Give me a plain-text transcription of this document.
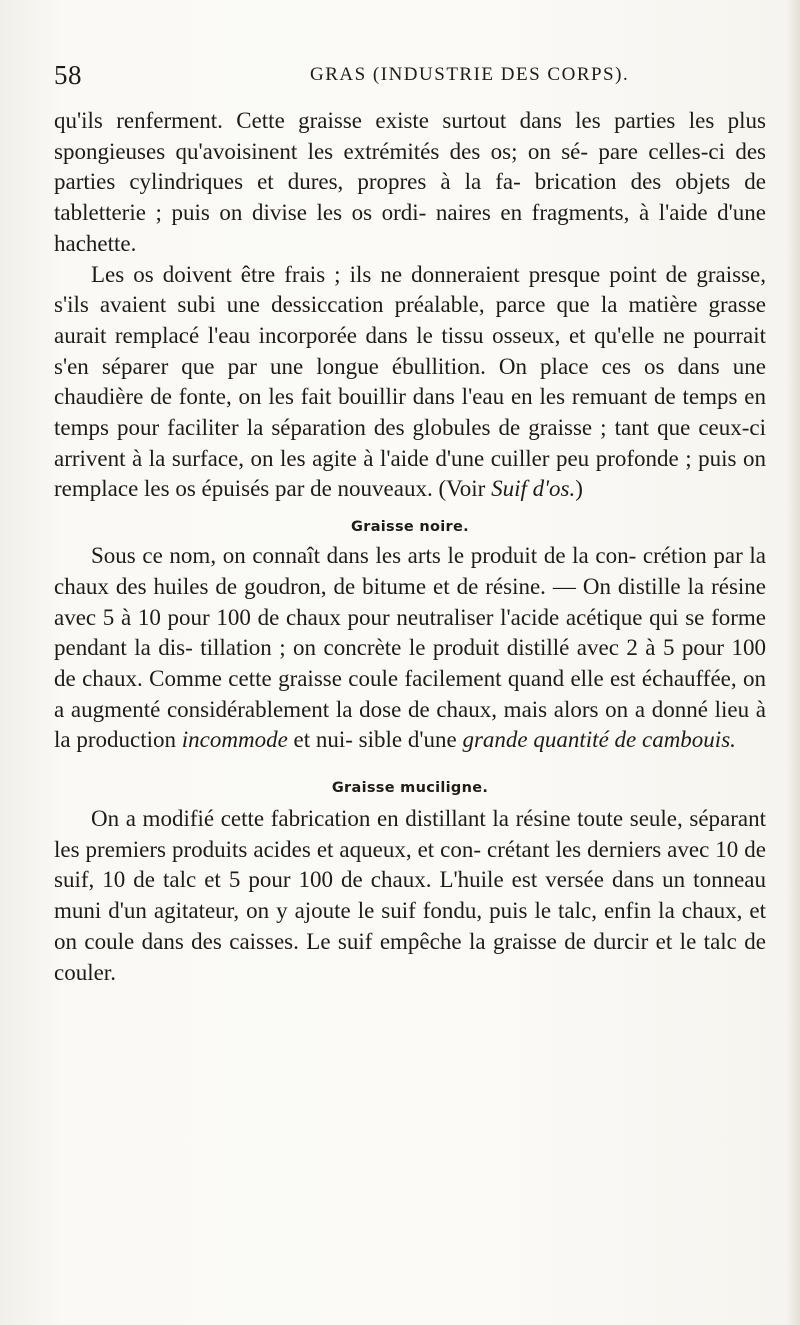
58	GRAS (INDUSTRIE DES CORPS).

qu'ils renferment. Cette graisse existe surtout dans les parties les plus spongieuses qu'avoisinent les extrémités des os; on sé- pare celles-ci des parties cylindriques et dures, propres à la fa- brication des objets de tabletterie ; puis on divise les os ordi- naires en fragments, à l'aide d'une hachette.

Les os doivent être frais ; ils ne donneraient presque point de graisse, s'ils avaient subi une dessiccation préalable, parce que la matière grasse aurait remplacé l'eau incorporée dans le tissu osseux, et qu'elle ne pourrait s'en séparer que par une longue ébullition. On place ces os dans une chaudière de fonte, on les fait bouillir dans l'eau en les remuant de temps en temps pour faciliter la séparation des globules de graisse ; tant que ceux-ci arrivent à la surface, on les agite à l'aide d'une cuiller peu profonde ; puis on remplace les os épuisés par de nouveaux. (Voir Suif d'os.)

Graisse noire.

Sous ce nom, on connaît dans les arts le produit de la con- crétion par la chaux des huiles de goudron, de bitume et de résine. — On distille la résine avec 5 à 10 pour 100 de chaux pour neutraliser l'acide acétique qui se forme pendant la dis- tillation ; on concrète le produit distillé avec 2 à 5 pour 100 de chaux. Comme cette graisse coule facilement quand elle est échauffée, on a augmenté considérablement la dose de chaux, mais alors on a donné lieu à la production incommode et nui- sible d'une grande quantité de cambouis.

Graisse muciligne.

On a modifié cette fabrication en distillant la résine toute seule, séparant les premiers produits acides et aqueux, et con- crétant les derniers avec 10 de suif, 10 de talc et 5 pour 100 de chaux. L'huile est versée dans un tonneau muni d'un agitateur, on y ajoute le suif fondu, puis le talc, enfin la chaux, et on coule dans des caisses. Le suif empêche la graisse de durcir et le talc de couler.
